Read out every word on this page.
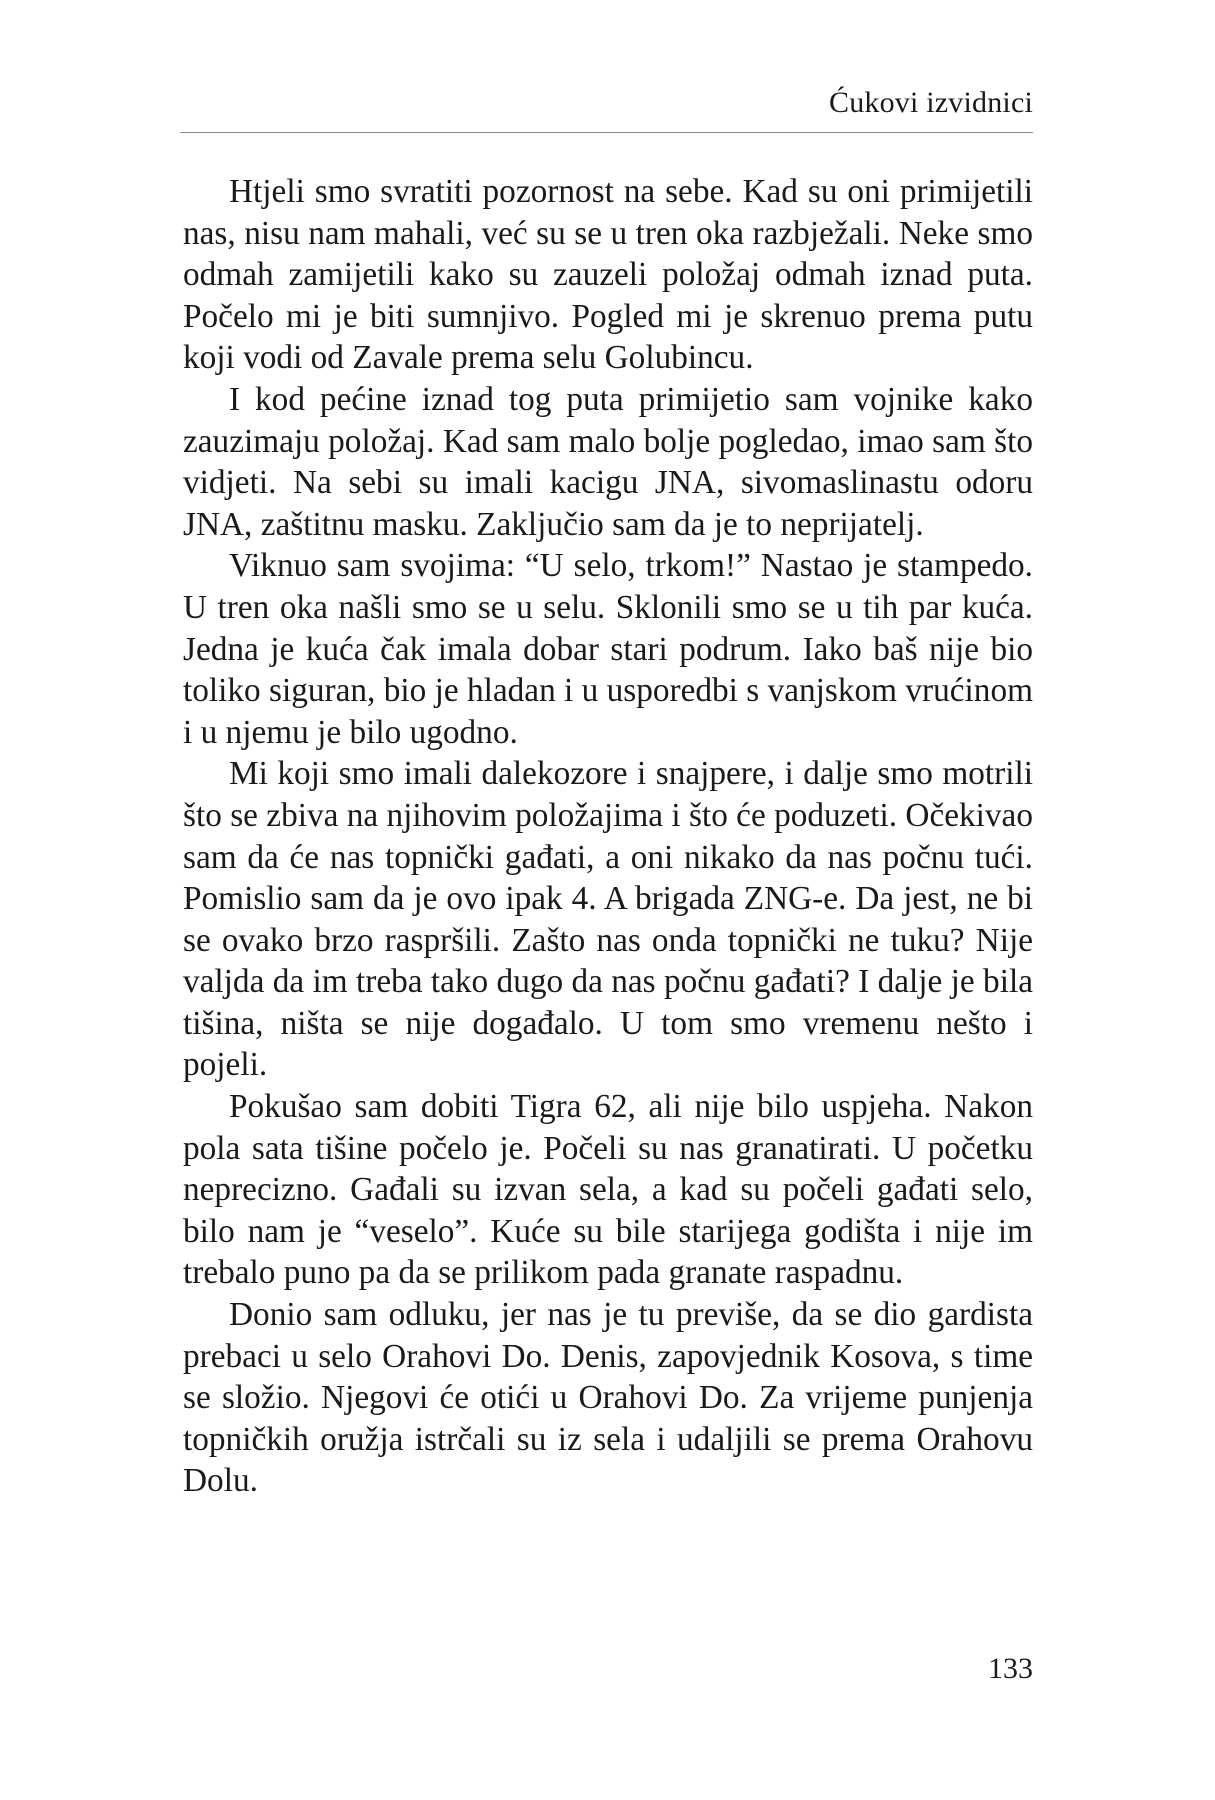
Ćukovi izvidnici

Htjeli smo svratiti pozornost na sebe. Kad su oni primijetili nas, nisu nam mahali, već su se u tren oka razbježali. Neke smo odmah zamijetili kako su zauzeli položaj odmah iznad puta. Počelo mi je biti sumnjivo. Pogled mi je skrenuo prema putu koji vodi od Zavale prema selu Golubincu.

I kod pećine iznad tog puta primijetio sam vojnike kako zauzimaju položaj. Kad sam malo bolje pogledao, imao sam što vidjeti. Na sebi su imali kacigu JNA, sivomaslinastu odoru JNA, zaštitnu masku. Zaključio sam da je to neprijatelj.

Viknuo sam svojima: “U selo, trkom!” Nastao je stampedo. U tren oka našli smo se u selu. Sklonili smo se u tih par kuća. Jedna je kuća čak imala dobar stari podrum. Iako baš nije bio toliko siguran, bio je hladan i u usporedbi s vanjskom vrućinom i u njemu je bilo ugodno.

Mi koji smo imali dalekozore i snajpere, i dalje smo motrili što se zbiva na njihovim položajima i što će poduzeti. Očekivao sam da će nas topnički gađati, a oni nikako da nas počnu tući. Pomislio sam da je ovo ipak 4. A brigada ZNG-e. Da jest, ne bi se ovako brzo raspršili. Zašto nas onda topnički ne tuku? Nije valjda da im treba tako dugo da nas počnu gađati? I dalje je bila tišina, ništa se nije događalo. U tom smo vremenu nešto i pojeli.

Pokušao sam dobiti Tigra 62, ali nije bilo uspjeha. Nakon pola sata tišine počelo je. Počeli su nas granatirati. U početku neprecizno. Gađali su izvan sela, a kad su počeli gađati selo, bilo nam je “veselo”. Kuće su bile starijega godišta i nije im trebalo puno pa da se prilikom pada granate raspadnu.

Donio sam odluku, jer nas je tu previše, da se dio gardista prebaci u selo Orahovi Do. Denis, zapovjednik Kosova, s time se složio. Njegovi će otići u Orahovi Do. Za vrijeme punjenja topničkih oružja istrčali su iz sela i udaljili se prema Orahovu Dolu.

133
